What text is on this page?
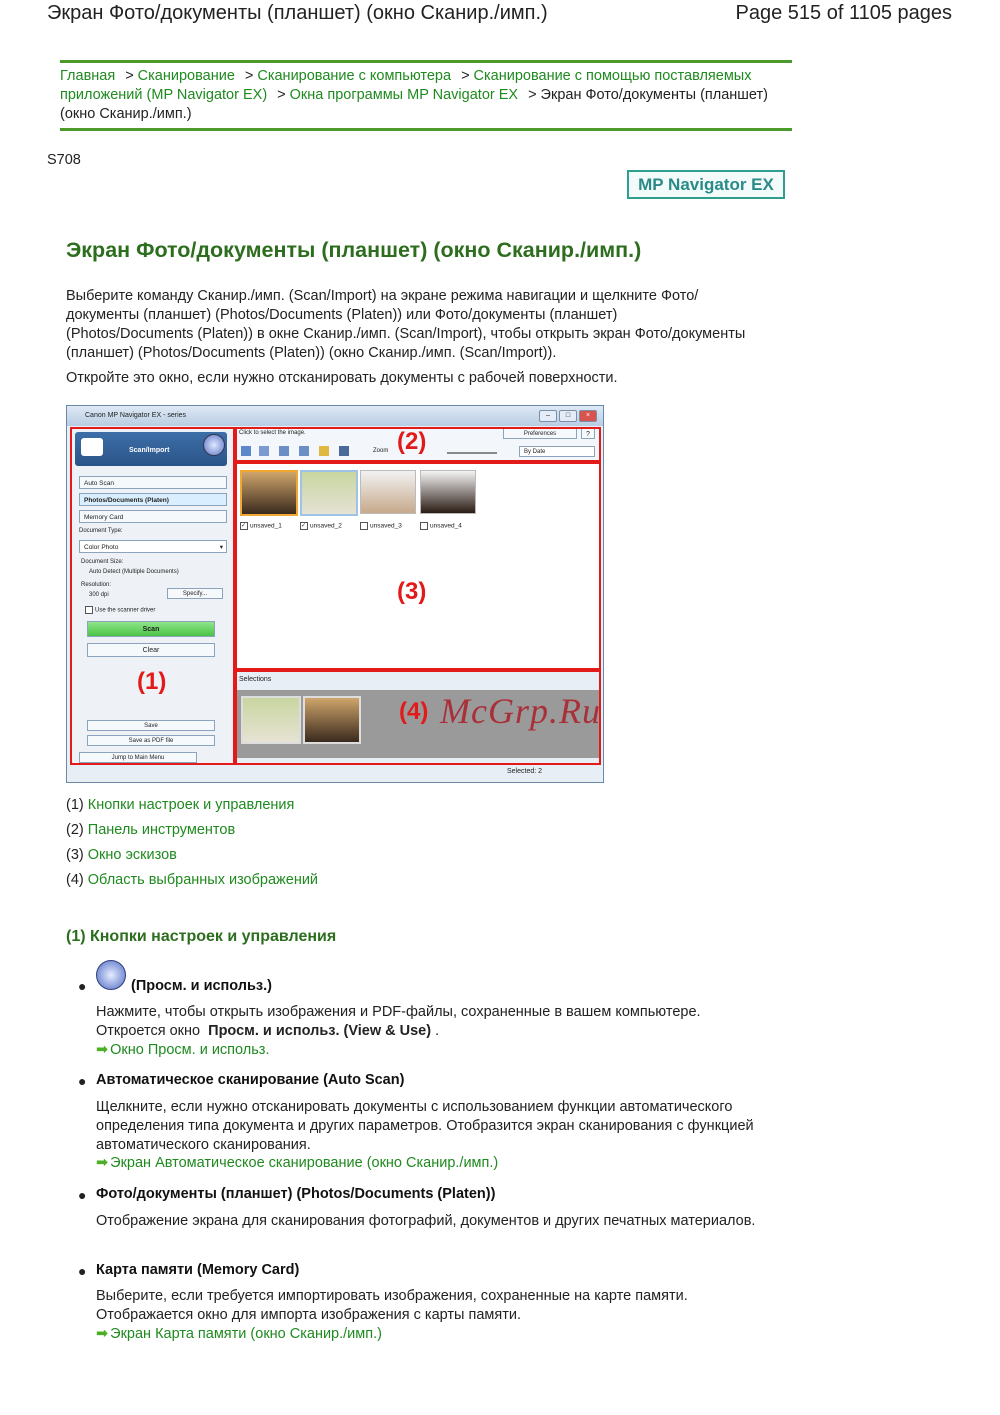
Экран Фото/документы (планшет) (окно Сканир./имп.)	Page 515 of 1105 pages
Главная > Сканирование > Сканирование с компьютера > Сканирование с помощью поставляемых приложений (MP Navigator EX) > Окна программы MP Navigator EX > Экран Фото/документы (планшет) (окно Сканир./имп.)
S708
MP Navigator EX
Экран Фото/документы (планшет) (окно Сканир./имп.)
Выберите команду Сканир./имп. (Scan/Import) на экране режима навигации и щелкните Фото/документы (планшет) (Photos/Documents (Platen)) или Фото/документы (планшет) (Photos/Documents (Platen)) в окне Сканир./имп. (Scan/Import), чтобы открыть экран Фото/документы (планшет) (Photos/Documents (Platen)) (окно Сканир./имп. (Scan/Import)).
Откройте это окно, если нужно отсканировать документы с рабочей поверхности.
Canon MP Navigator EX - series	–	□	×
Scan/Import
Auto Scan
Photos/Documents (Platen)
Memory Card
Document Type:
Color Photo	▾
Document Size:
Auto Detect (Multiple Documents)
Resolution:
300 dpi	Specify...
Use the scanner driver
Scan
Clear
Save
Save as PDF file
Jump to Main Menu
Click to select the image.	Preferences	?
Zoom	By Date
✓ unsaved_1	✓ unsaved_2	unsaved_3	unsaved_4
Selections
Selected: 2
(1)
(2)
(3)
(4) McGrp.Ru
(1) Кнопки настроек и управления
(2) Панель инструментов
(3) Окно эскизов
(4) Область выбранных изображений
(1) Кнопки настроек и управления
●	(Просм. и использ.)
Нажмите, чтобы открыть изображения и PDF-файлы, сохраненные в вашем компьютере.
Откроется окно Просм. и использ. (View & Use) .
➡ Окно Просм. и использ.
● Автоматическое сканирование (Auto Scan)
Щелкните, если нужно отсканировать документы с использованием функции автоматического определения типа документа и других параметров. Отобразится экран сканирования с функцией автоматического сканирования.
➡ Экран Автоматическое сканирование (окно Сканир./имп.)
● Фото/документы (планшет) (Photos/Documents (Platen))
Отображение экрана для сканирования фотографий, документов и других печатных материалов.
● Карта памяти (Memory Card)
Выберите, если требуется импортировать изображения, сохраненные на карте памяти.
Отображается окно для импорта изображения с карты памяти.
➡ Экран Карта памяти (окно Сканир./имп.)
